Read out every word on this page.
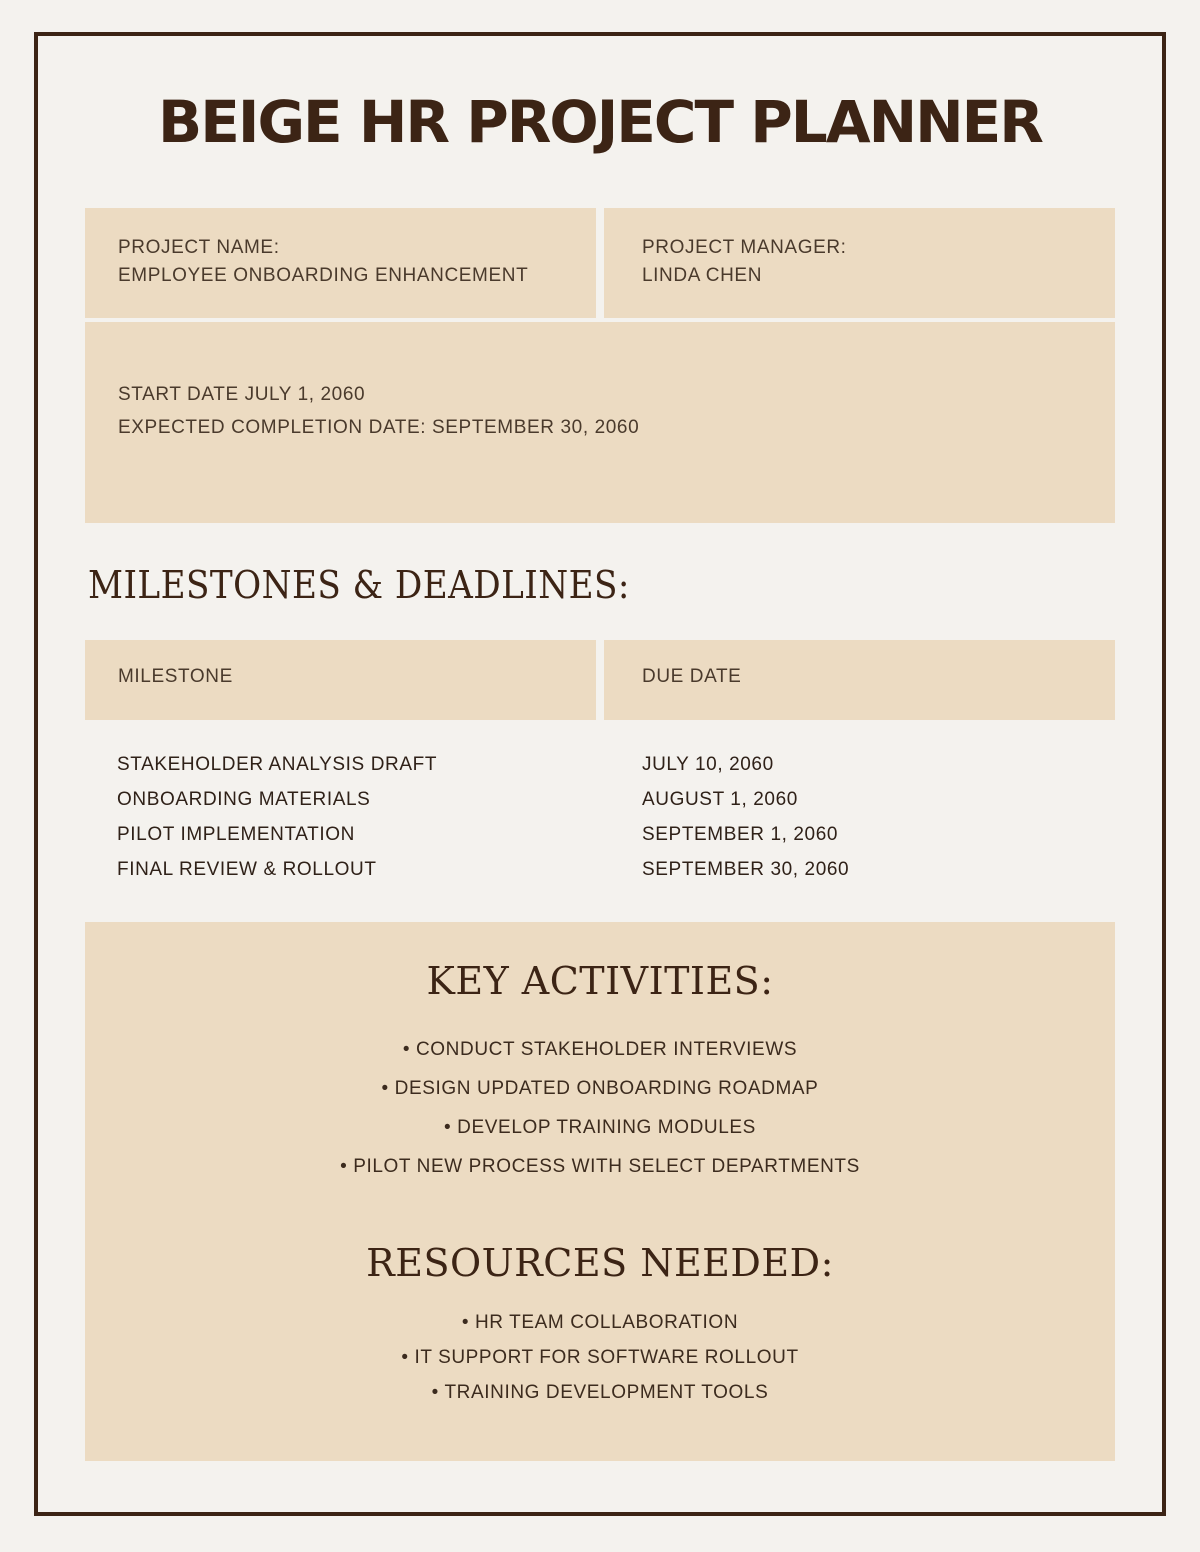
BEIGE HR PROJECT PLANNER
PROJECT NAME:
EMPLOYEE ONBOARDING ENHANCEMENT
PROJECT MANAGER:
LINDA CHEN
START DATE JULY 1, 2060
EXPECTED COMPLETION DATE: SEPTEMBER 30, 2060
MILESTONES & DEADLINES:
MILESTONE	DUE DATE
STAKEHOLDER ANALYSIS DRAFT	JULY 10, 2060
ONBOARDING MATERIALS	AUGUST 1, 2060
PILOT IMPLEMENTATION	SEPTEMBER 1, 2060
FINAL REVIEW & ROLLOUT	SEPTEMBER 30, 2060
KEY ACTIVITIES:
• CONDUCT STAKEHOLDER INTERVIEWS
• DESIGN UPDATED ONBOARDING ROADMAP
• DEVELOP TRAINING MODULES
• PILOT NEW PROCESS WITH SELECT DEPARTMENTS
RESOURCES NEEDED:
• HR TEAM COLLABORATION
• IT SUPPORT FOR SOFTWARE ROLLOUT
• TRAINING DEVELOPMENT TOOLS
